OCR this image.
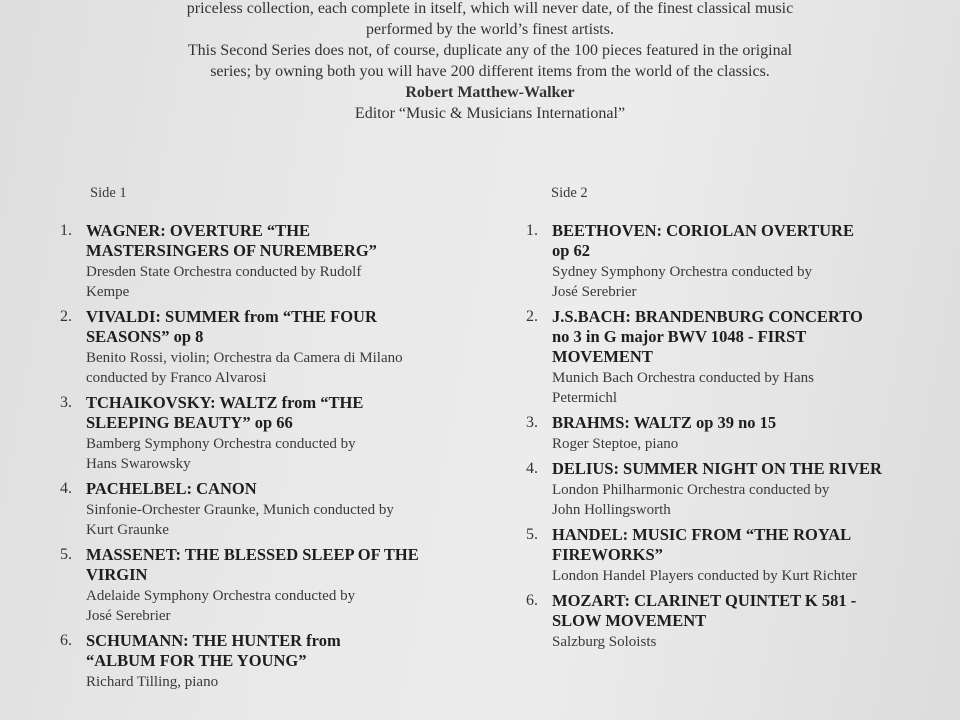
priceless collection, each complete in itself, which will never date, of the finest classical music
performed by the world’s finest artists.
This Second Series does not, of course, duplicate any of the 100 pieces featured in the original
series; by owning both you will have 200 different items from the world of the classics.
Robert Matthew-Walker
Editor “Music & Musicians International”
Side 1	Side 2
1. WAGNER: OVERTURE “THE
MASTERSINGERS OF NUREMBERG”
Dresden State Orchestra conducted by Rudolf
Kempe
2. VIVALDI: SUMMER from “THE FOUR
SEASONS” op 8
Benito Rossi, violin; Orchestra da Camera di Milano
conducted by Franco Alvarosi
3. TCHAIKOVSKY: WALTZ from “THE
SLEEPING BEAUTY” op 66
Bamberg Symphony Orchestra conducted by
Hans Swarowsky
4. PACHELBEL: CANON
Sinfonie-Orchester Graunke, Munich conducted by
Kurt Graunke
5. MASSENET: THE BLESSED SLEEP OF THE
VIRGIN
Adelaide Symphony Orchestra conducted by
José Serebrier
6. SCHUMANN: THE HUNTER from
“ALBUM FOR THE YOUNG”
Richard Tilling, piano
1. BEETHOVEN: CORIOLAN OVERTURE
op 62
Sydney Symphony Orchestra conducted by
José Serebrier
2. J.S.BACH: BRANDENBURG CONCERTO
no 3 in G major BWV 1048 - FIRST
MOVEMENT
Munich Bach Orchestra conducted by Hans
Petermichl
3. BRAHMS: WALTZ op 39 no 15
Roger Steptoe, piano
4. DELIUS: SUMMER NIGHT ON THE RIVER
London Philharmonic Orchestra conducted by
John Hollingsworth
5. HANDEL: MUSIC FROM “THE ROYAL
FIREWORKS”
London Handel Players conducted by Kurt Richter
6. MOZART: CLARINET QUINTET K 581 -
SLOW MOVEMENT
Salzburg Soloists
